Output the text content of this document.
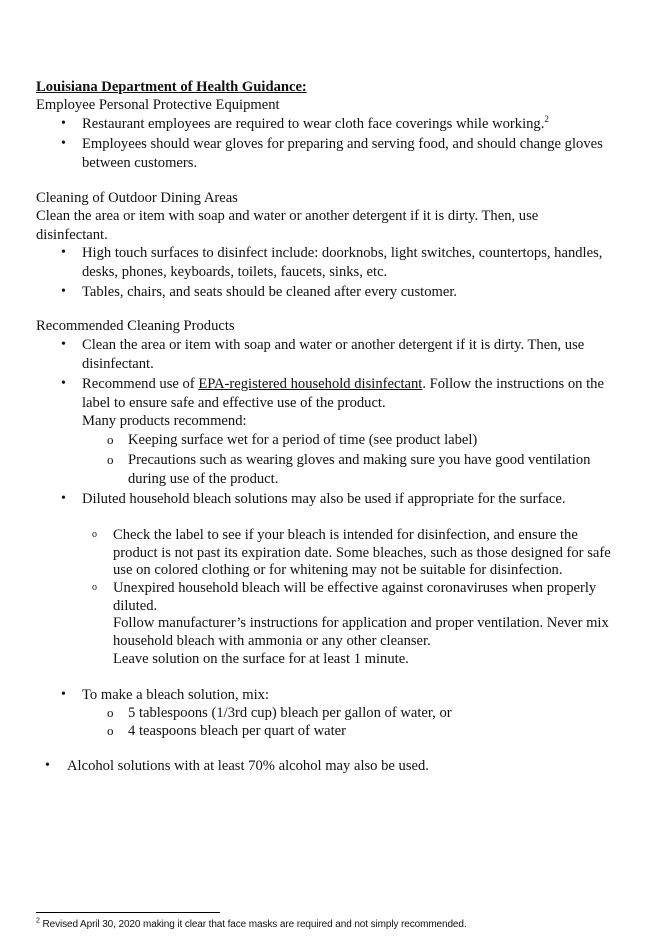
Louisiana Department of Health Guidance:
Employee Personal Protective Equipment
• Restaurant employees are required to wear cloth face coverings while working.$^2$
• Employees should wear gloves for preparing and serving food, and should change gloves between customers.
Cleaning of Outdoor Dining Areas
Clean the area or item with soap and water or another detergent if it is dirty. Then, use disinfectant.
• High touch surfaces to disinfect include: doorknobs, light switches, countertops, handles, desks, phones, keyboards, toilets, faucets, sinks, etc.
• Tables, chairs, and seats should be cleaned after every customer.
Recommended Cleaning Products
• Clean the area or item with soap and water or another detergent if it is dirty. Then, use disinfectant.
• Recommend use of EPA-registered household disinfectant. Follow the instructions on the label to ensure safe and effective use of the product.
Many products recommend:
o Keeping surface wet for a period of time (see product label)
o Precautions such as wearing gloves and making sure you have good ventilation during use of the product.
• Diluted household bleach solutions may also be used if appropriate for the surface.
o Check the label to see if your bleach is intended for disinfection, and ensure the product is not past its expiration date. Some bleaches, such as those designed for safe use on colored clothing or for whitening may not be suitable for disinfection.
o Unexpired household bleach will be effective against coronaviruses when properly diluted.
Follow manufacturer’s instructions for application and proper ventilation. Never mix household bleach with ammonia or any other cleanser.
Leave solution on the surface for at least 1 minute.
• To make a bleach solution, mix:
o 5 tablespoons (1/3rd cup) bleach per gallon of water, or
o 4 teaspoons bleach per quart of water
• Alcohol solutions with at least 70% alcohol may also be used.
$^2$ Revised April 30, 2020 making it clear that face masks are required and not simply recommended.
